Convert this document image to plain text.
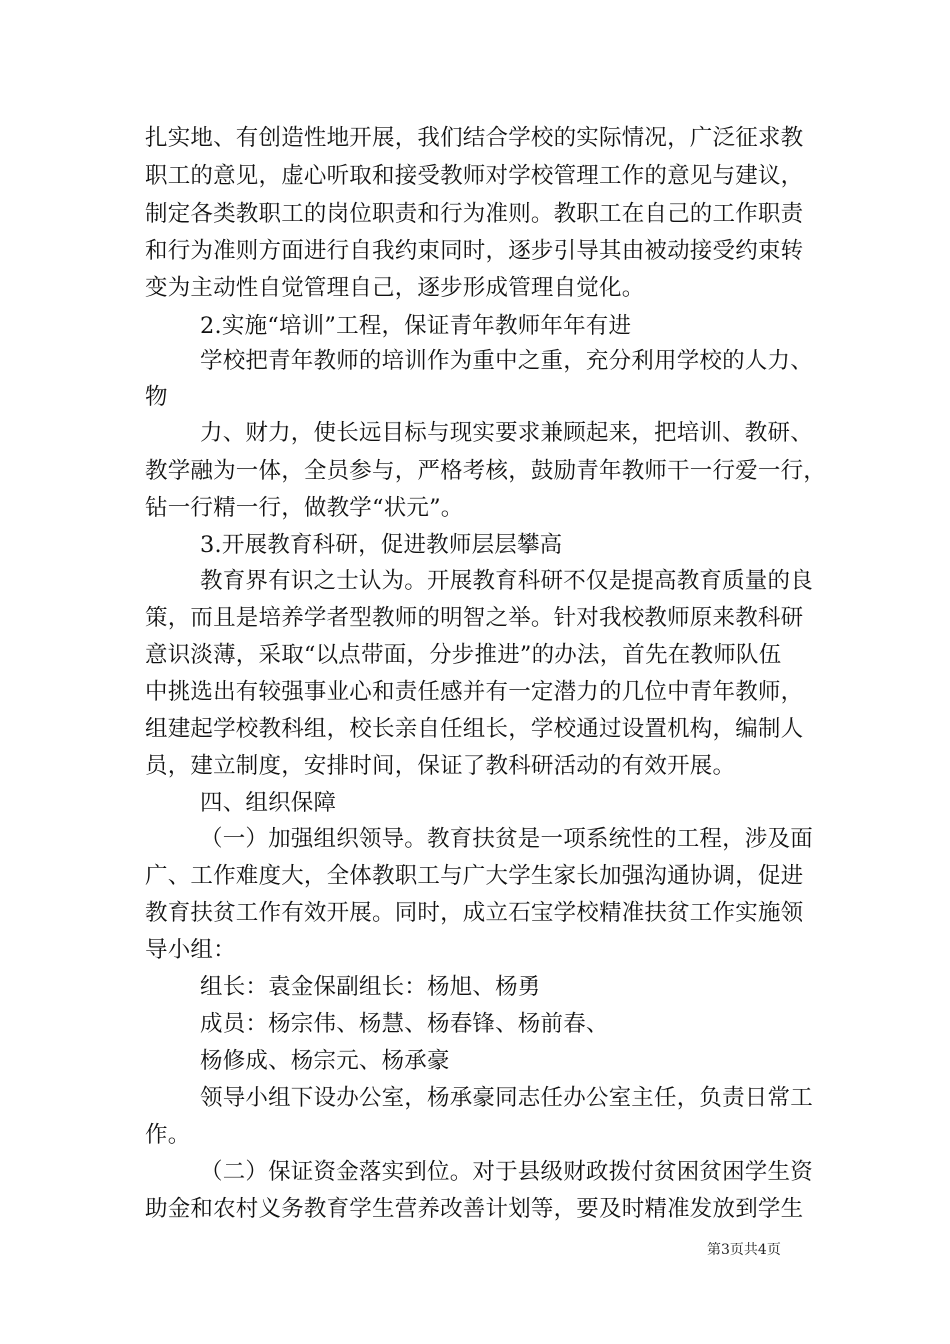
扎实地、有创造性地开展，我们结合学校的实际情况，广泛征求教
职工的意见，虚心听取和接受教师对学校管理工作的意见与建议，
制定各类教职工的岗位职责和行为准则。教职工在自己的工作职责
和行为准则方面进行自我约束同时，逐步引导其由被动接受约束转
变为主动性自觉管理自己，逐步形成管理自觉化。
2.实施“培训”工程，保证青年教师年年有进
学校把青年教师的培训作为重中之重，充分利用学校的人力、
物
力、财力，使长远目标与现实要求兼顾起来，把培训、教研、
教学融为一体，全员参与，严格考核，鼓励青年教师干一行爱一行，
钻一行精一行，做教学“状元”。
3.开展教育科研，促进教师层层攀高
教育界有识之士认为。开展教育科研不仅是提高教育质量的良
策，而且是培养学者型教师的明智之举。针对我校教师原来教科研
意识淡薄，采取“以点带面，分步推进”的办法，首先在教师队伍
中挑选出有较强事业心和责任感并有一定潜力的几位中青年教师，
组建起学校教科组，校长亲自任组长，学校通过设置机构，编制人
员，建立制度，安排时间，保证了教科研活动的有效开展。
四、组织保障
（一）加强组织领导。教育扶贫是一项系统性的工程，涉及面
广、工作难度大，全体教职工与广大学生家长加强沟通协调，促进
教育扶贫工作有效开展。同时，成立石宝学校精准扶贫工作实施领
导小组：
组长：袁金保副组长：杨旭、杨勇
成员：杨宗伟、杨慧、杨春锋、杨前春、
杨修成、杨宗元、杨承豪
领导小组下设办公室，杨承豪同志任办公室主任，负责日常工
作。
（二）保证资金落实到位。对于县级财政拨付贫困贫困学生资
助金和农村义务教育学生营养改善计划等，要及时精准发放到学生
第3页共4页
